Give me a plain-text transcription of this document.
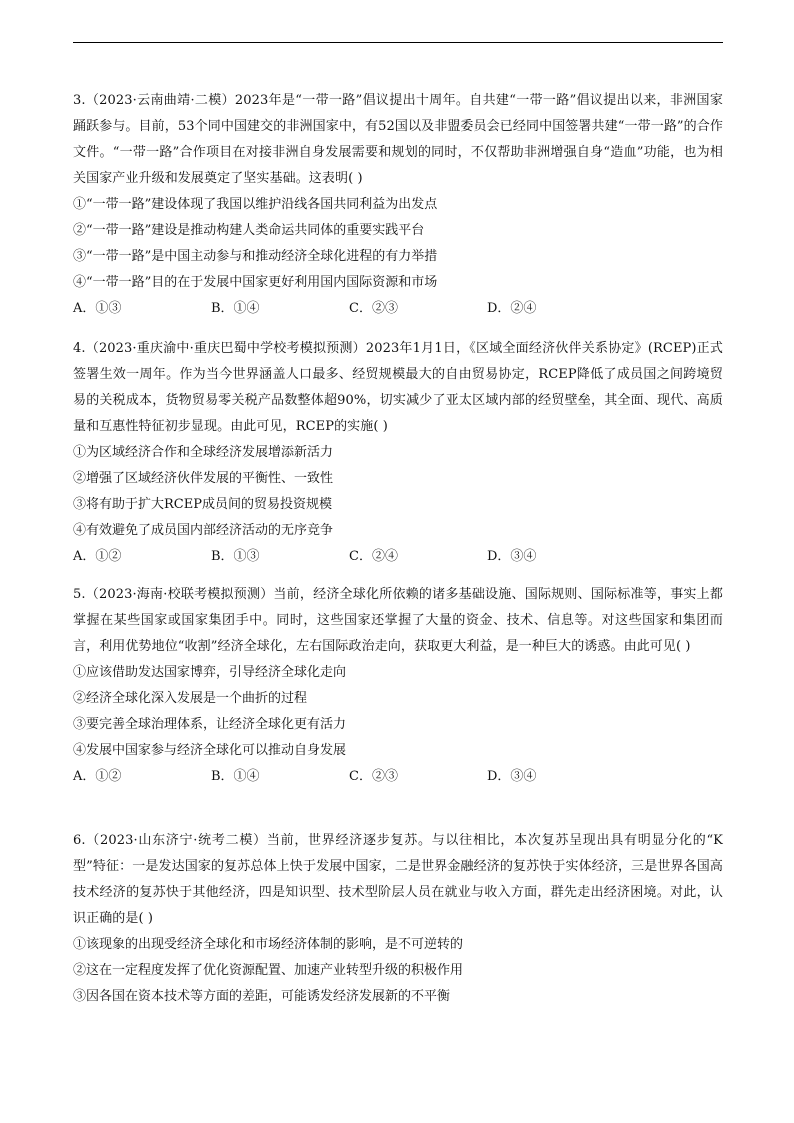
3.（2023·云南曲靖·二模）2023年是“一带一路”倡议提出十周年。自共建“一带一路”倡议提出以来，非洲国家踊跃参与。目前，53个同中国建交的非洲国家中，有52国以及非盟委员会已经同中国签署共建“一带一路”的合作文件。“一带一路”合作项目在对接非洲自身发展需要和规划的同时，不仅帮助非洲增强自身“造血”功能，也为相关国家产业升级和发展奠定了坚实基础。这表明( )

①“一带一路”建设体现了我国以维护沿线各国共同利益为出发点

②“一带一路”建设是推动构建人类命运共同体的重要实践平台

③“一带一路”是中国主动参与和推动经济全球化进程的有力举措

④“一带一路”目的在于发展中国家更好利用国内国际资源和市场

A．①③	B．①④	C．②③	D．②④

4.（2023·重庆渝中·重庆巴蜀中学校考模拟预测）2023年1月1日，《区域全面经济伙伴关系协定》(RCEP)正式签署生效一周年。作为当今世界涵盖人口最多、经贸规模最大的自由贸易协定，RCEP降低了成员国之间跨境贸易的关税成本，货物贸易零关税产品数整体超90%，切实减少了亚太区域内部的经贸壁垒，其全面、现代、高质量和互惠性特征初步显现。由此可见，RCEP的实施( )

①为区域经济合作和全球经济发展增添新活力

②增强了区域经济伙伴发展的平衡性、一致性

③将有助于扩大RCEP成员间的贸易投资规模

④有效避免了成员国内部经济活动的无序竞争

A．①②	B．①③	C．②④	D．③④

5.（2023·海南·校联考模拟预测）当前，经济全球化所依赖的诸多基础设施、国际规则、国际标准等，事实上都掌握在某些国家或国家集团手中。同时，这些国家还掌握了大量的资金、技术、信息等。对这些国家和集团而言，利用优势地位“收割”经济全球化，左右国际政治走向，获取更大利益，是一种巨大的诱惑。由此可见( )

①应该借助发达国家博弈，引导经济全球化走向

②经济全球化深入发展是一个曲折的过程

③要完善全球治理体系，让经济全球化更有活力

④发展中国家参与经济全球化可以推动自身发展

A．①②	B．①④	C．②③	D．③④

6.（2023·山东济宁·统考二模）当前，世界经济逐步复苏。与以往相比，本次复苏呈现出具有明显分化的“K型”特征：一是发达国家的复苏总体上快于发展中国家，二是世界金融经济的复苏快于实体经济，三是世界各国高技术经济的复苏快于其他经济，四是知识型、技术型阶层人员在就业与收入方面，群先走出经济困境。对此，认识正确的是( )

①该现象的出现受经济全球化和市场经济体制的影响，是不可逆转的

②这在一定程度发挥了优化资源配置、加速产业转型升级的积极作用

③因各国在资本技术等方面的差距，可能诱发经济发展新的不平衡
